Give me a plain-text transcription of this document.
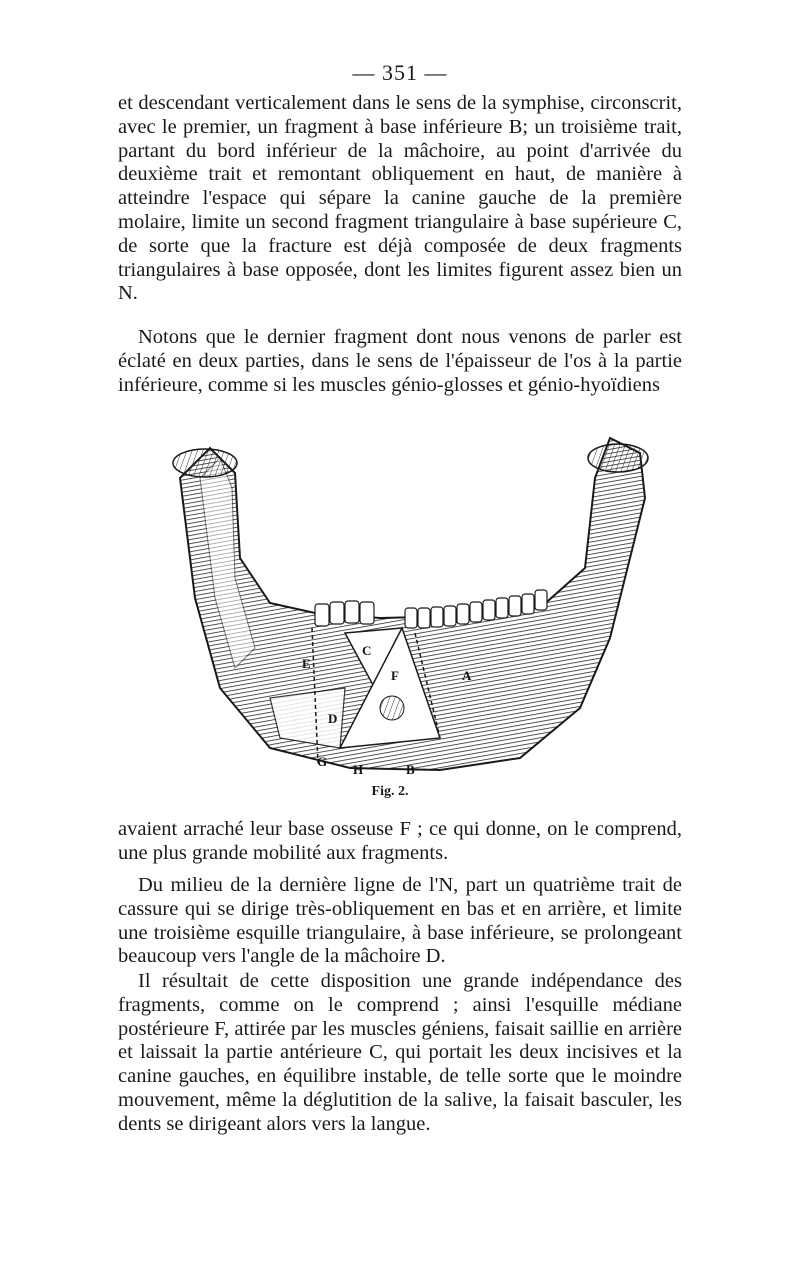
— 351 —

et descendant verticalement dans le sens de la symphise, circonscrit, avec le premier, un fragment à base inférieure B; un troisième trait, partant du bord inférieur de la mâchoire, au point d'arrivée du deuxième trait et remontant obliquement en haut, de manière à atteindre l'espace qui sépare la canine gauche de la première molaire, limite un second fragment triangulaire à base supérieure C, de sorte que la fracture est déjà composée de deux fragments triangulaires à base opposée, dont les limites figurent assez bien un N.

Notons que le dernier fragment dont nous venons de parler est éclaté en deux parties, dans le sens de l'épaisseur de l'os à la partie inférieure, comme si les muscles génio-glosses et génio-hyoïdiens

A
B
C
D
E
F
G
H
Fig. 2.

avaient arraché leur base osseuse F ; ce qui donne, on le comprend, une plus grande mobilité aux fragments.

Du milieu de la dernière ligne de l'N, part un quatrième trait de cassure qui se dirige très-obliquement en bas et en arrière, et limite une troisième esquille triangulaire, à base inférieure, se prolongeant beaucoup vers l'angle de la mâchoire D.

Il résultait de cette disposition une grande indépendance des fragments, comme on le comprend ; ainsi l'esquille médiane postérieure F, attirée par les muscles géniens, faisait saillie en arrière et laissait la partie antérieure C, qui portait les deux incisives et la canine gauches, en équilibre instable, de telle sorte que le moindre mouvement, même la déglutition de la salive, la faisait basculer, les dents se dirigeant alors vers la langue.
